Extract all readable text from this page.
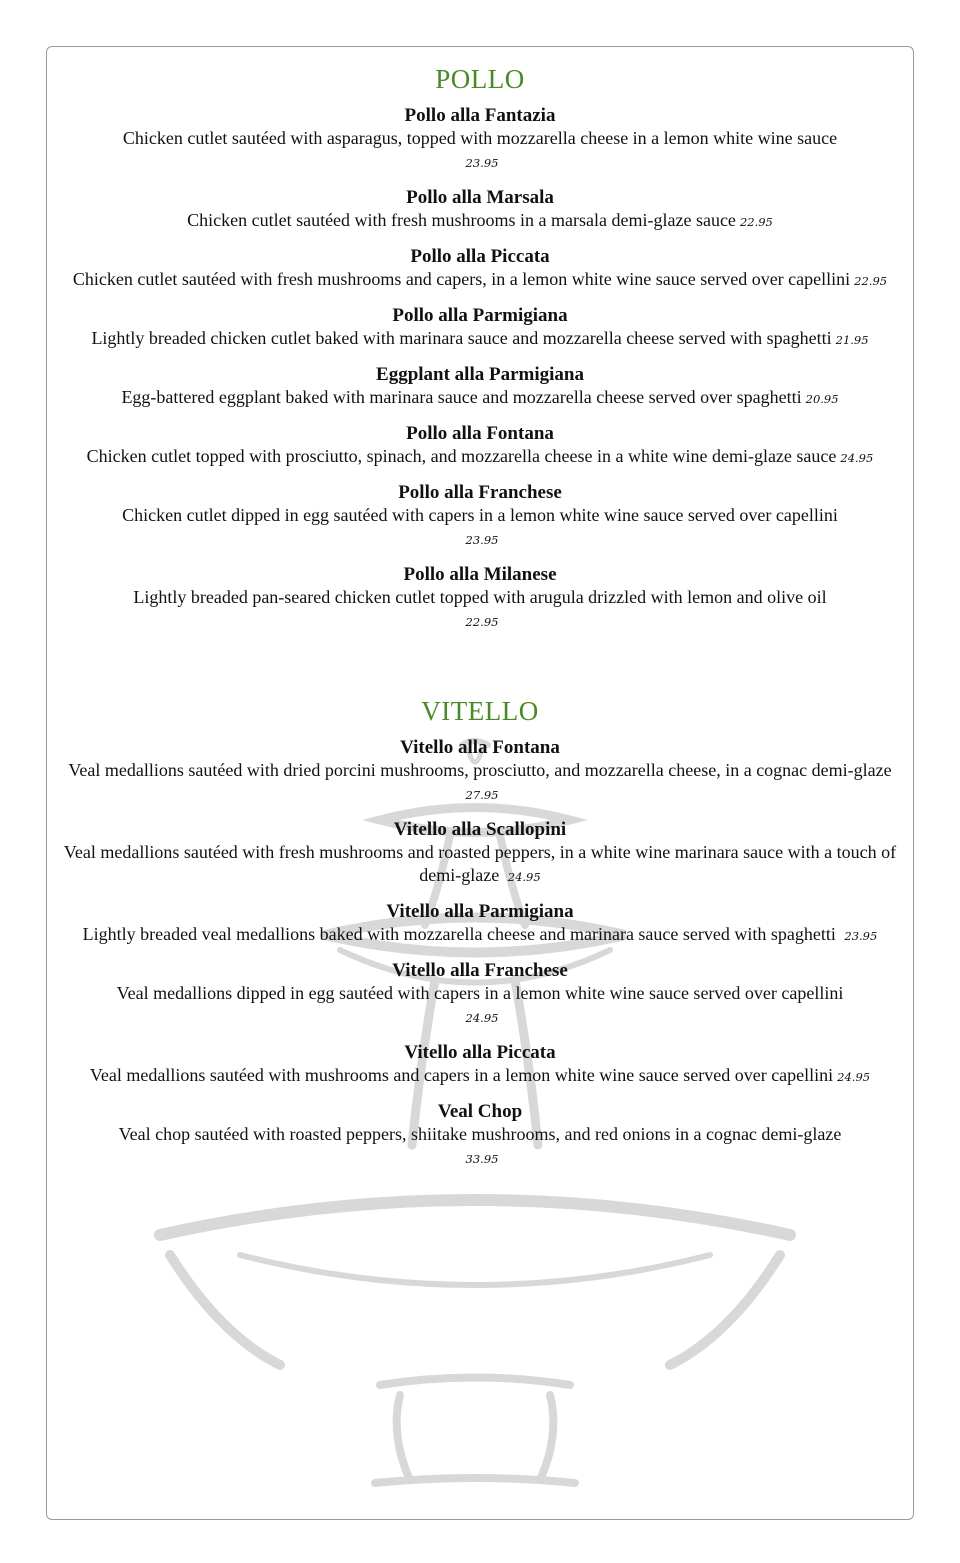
POLLO
Pollo alla Fantazia
Chicken cutlet sautéed with asparagus, topped with mozzarella cheese in a lemon white wine sauce
23.95
Pollo alla Marsala
Chicken cutlet sautéed with fresh mushrooms in a marsala demi-glaze sauce 22.95
Pollo alla Piccata
Chicken cutlet sautéed with fresh mushrooms and capers, in a lemon white wine sauce served over capellini 22.95
Pollo alla Parmigiana
Lightly breaded chicken cutlet baked with marinara sauce and mozzarella cheese served with spaghetti 21.95
Eggplant alla Parmigiana
Egg-battered eggplant baked with marinara sauce and mozzarella cheese served over spaghetti 20.95
Pollo alla Fontana
Chicken cutlet topped with prosciutto, spinach, and mozzarella cheese in a white wine demi-glaze sauce 24.95
Pollo alla Franchese
Chicken cutlet dipped in egg sautéed with capers in a lemon white wine sauce served over capellini
23.95
Pollo alla Milanese
Lightly breaded pan-seared chicken cutlet topped with arugula drizzled with lemon and olive oil
22.95
VITELLO
Vitello alla Fontana
Veal medallions sautéed with dried porcini mushrooms, prosciutto, and mozzarella cheese, in a cognac demi-glaze 27.95
Vitello alla Scallopini
Veal medallions sautéed with fresh mushrooms and roasted peppers, in a white wine marinara sauce with a touch of demi-glaze 24.95
Vitello alla Parmigiana
Lightly breaded veal medallions baked with mozzarella cheese and marinara sauce served with spaghetti 23.95
Vitello alla Franchese
Veal medallions dipped in egg sautéed with capers in a lemon white wine sauce served over capellini
24.95
Vitello alla Piccata
Veal medallions sautéed with mushrooms and capers in a lemon white wine sauce served over capellini 24.95
Veal Chop
Veal chop sautéed with roasted peppers, shiitake mushrooms, and red onions in a cognac demi-glaze
33.95
